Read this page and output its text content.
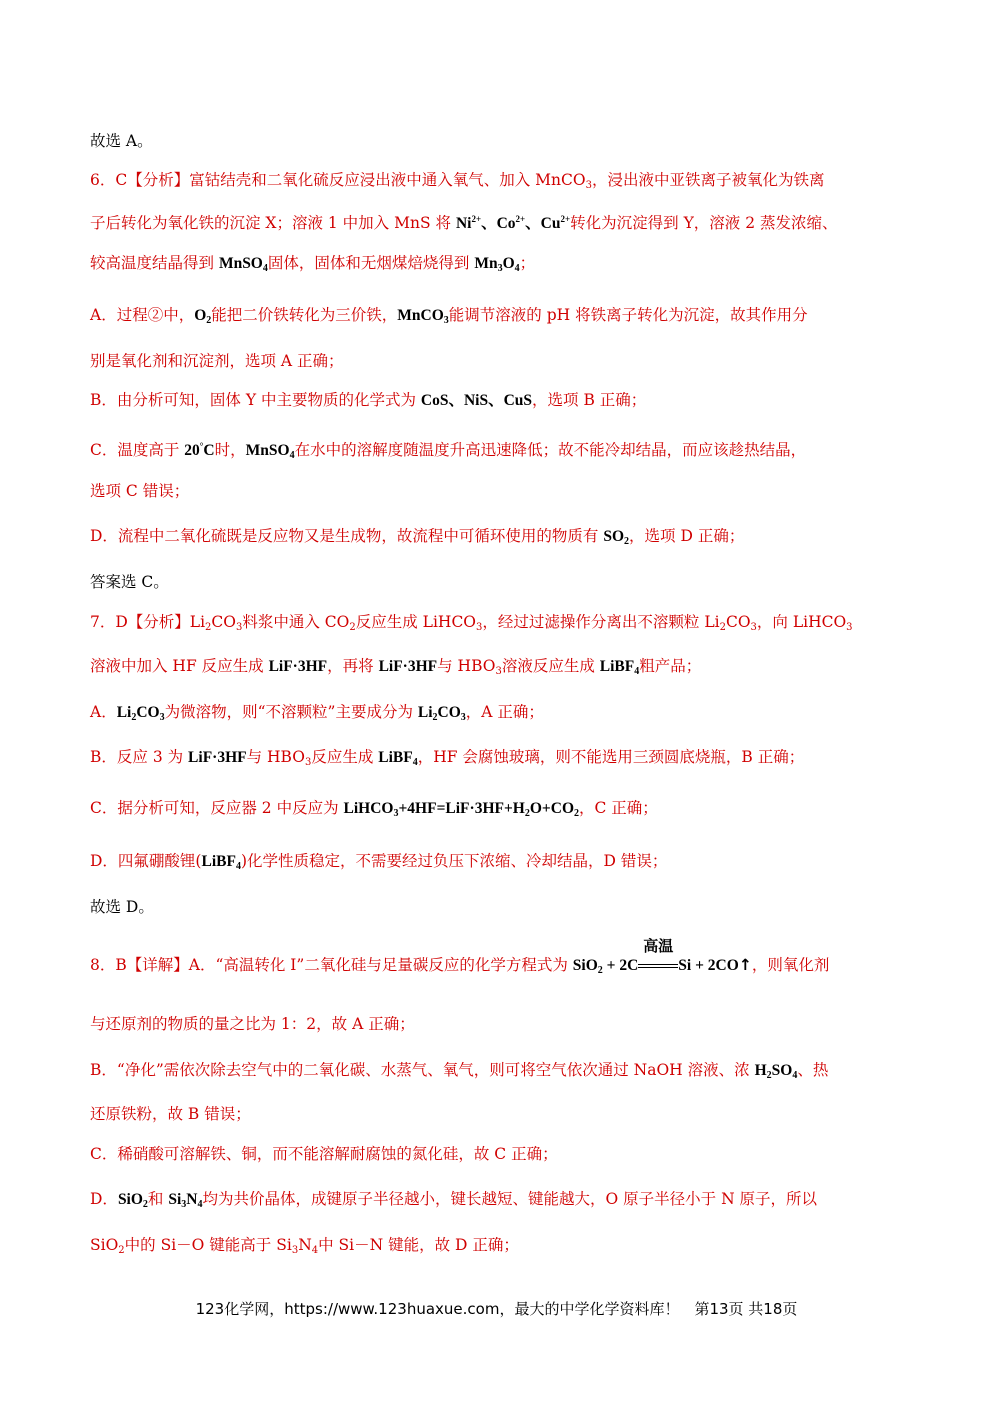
故选 A。
6．C【分析】富钴结壳和二氧化硫反应浸出液中通入氧气、加入 MnCO$_3$，浸出液中亚铁离子被氧化为铁离
子后转化为氧化铁的沉淀 X；溶液 1 中加入 MnS 将 $Ni^{2+}$、$Co^{2+}$、$Cu^{2+}$转化为沉淀得到 Y，溶液 2 蒸发浓缩、
较高温度结晶得到 MnSO$_4$固体，固体和无烟煤焙烧得到 $Mn_3O_4$；
A．过程②中，$O_2$能把二价铁转化为三价铁，MnCO$_3$能调节溶液的 pH 将铁离子转化为沉淀，故其作用分
别是氧化剂和沉淀剂，选项 A 正确；
B．由分析可知，固体 Y 中主要物质的化学式为 CoS、NiS、CuS，选项 B 正确；
C．温度高于 20°C时，MnSO$_4$在水中的溶解度随温度升高迅速降低；故不能冷却结晶，而应该趁热结晶，
选项 C 错误；
D．流程中二氧化硫既是反应物又是生成物，故流程中可循环使用的物质有 $SO_2$，选项 D 正确；
答案选 C。
7．D【分析】$Li_2CO_3$料浆中通入 $CO_2$反应生成 LiHCO$_3$，经过过滤操作分离出不溶颗粒 $Li_2CO_3$，向 LiHCO$_3$
溶液中加入 HF 反应生成 LiF·3HF，再将 LiF·3HF与 $HBO_3$溶液反应生成 LiBF$_4$粗产品；
A．$Li_2CO_3$为微溶物，则“不溶颗粒”主要成分为 $Li_2CO_3$，A 正确；
B．反应 3 为 LiF·3HF与 $HBO_3$反应生成 LiBF$_4$，HF 会腐蚀玻璃，则不能选用三颈圆底烧瓶，B 正确；
C．据分析可知，反应器 2 中反应为 $LiHCO_3+4HF=LiF\cdot 3HF+H_2O+CO_2$，C 正确；
D．四氟硼酸锂(LiBF$_4$)化学性质稳定，不需要经过负压下浓缩、冷却结晶，D 错误；
故选 D。
8．B【详解】A．“高温转化 I”二氧化硅与足量碳反应的化学方程式为 SiO$_2$ + 2C
高温
Si + 2CO↑，则氧化剂
与还原剂的物质的量之比为 1：2，故 A 正确；
B．“净化”需依次除去空气中的二氧化碳、水蒸气、氧气，则可将空气依次通过 NaOH 溶液、浓 $H_2SO_4$、热
还原铁粉，故 B 错误；
C．稀硝酸可溶解铁、铜，而不能溶解耐腐蚀的氮化硅，故 C 正确；
D．SiO$_2$和 $Si_3N_4$均为共价晶体，成键原子半径越小，键长越短、键能越大，O 原子半径小于 N 原子，所以
SiO$_2$中的 Si－O 键能高于 $Si_3N_4$中 Si－N 键能，故 D 正确；
123化学网，https://www.123huaxue.com，最大的中学化学资料库！　第13页 共18页
